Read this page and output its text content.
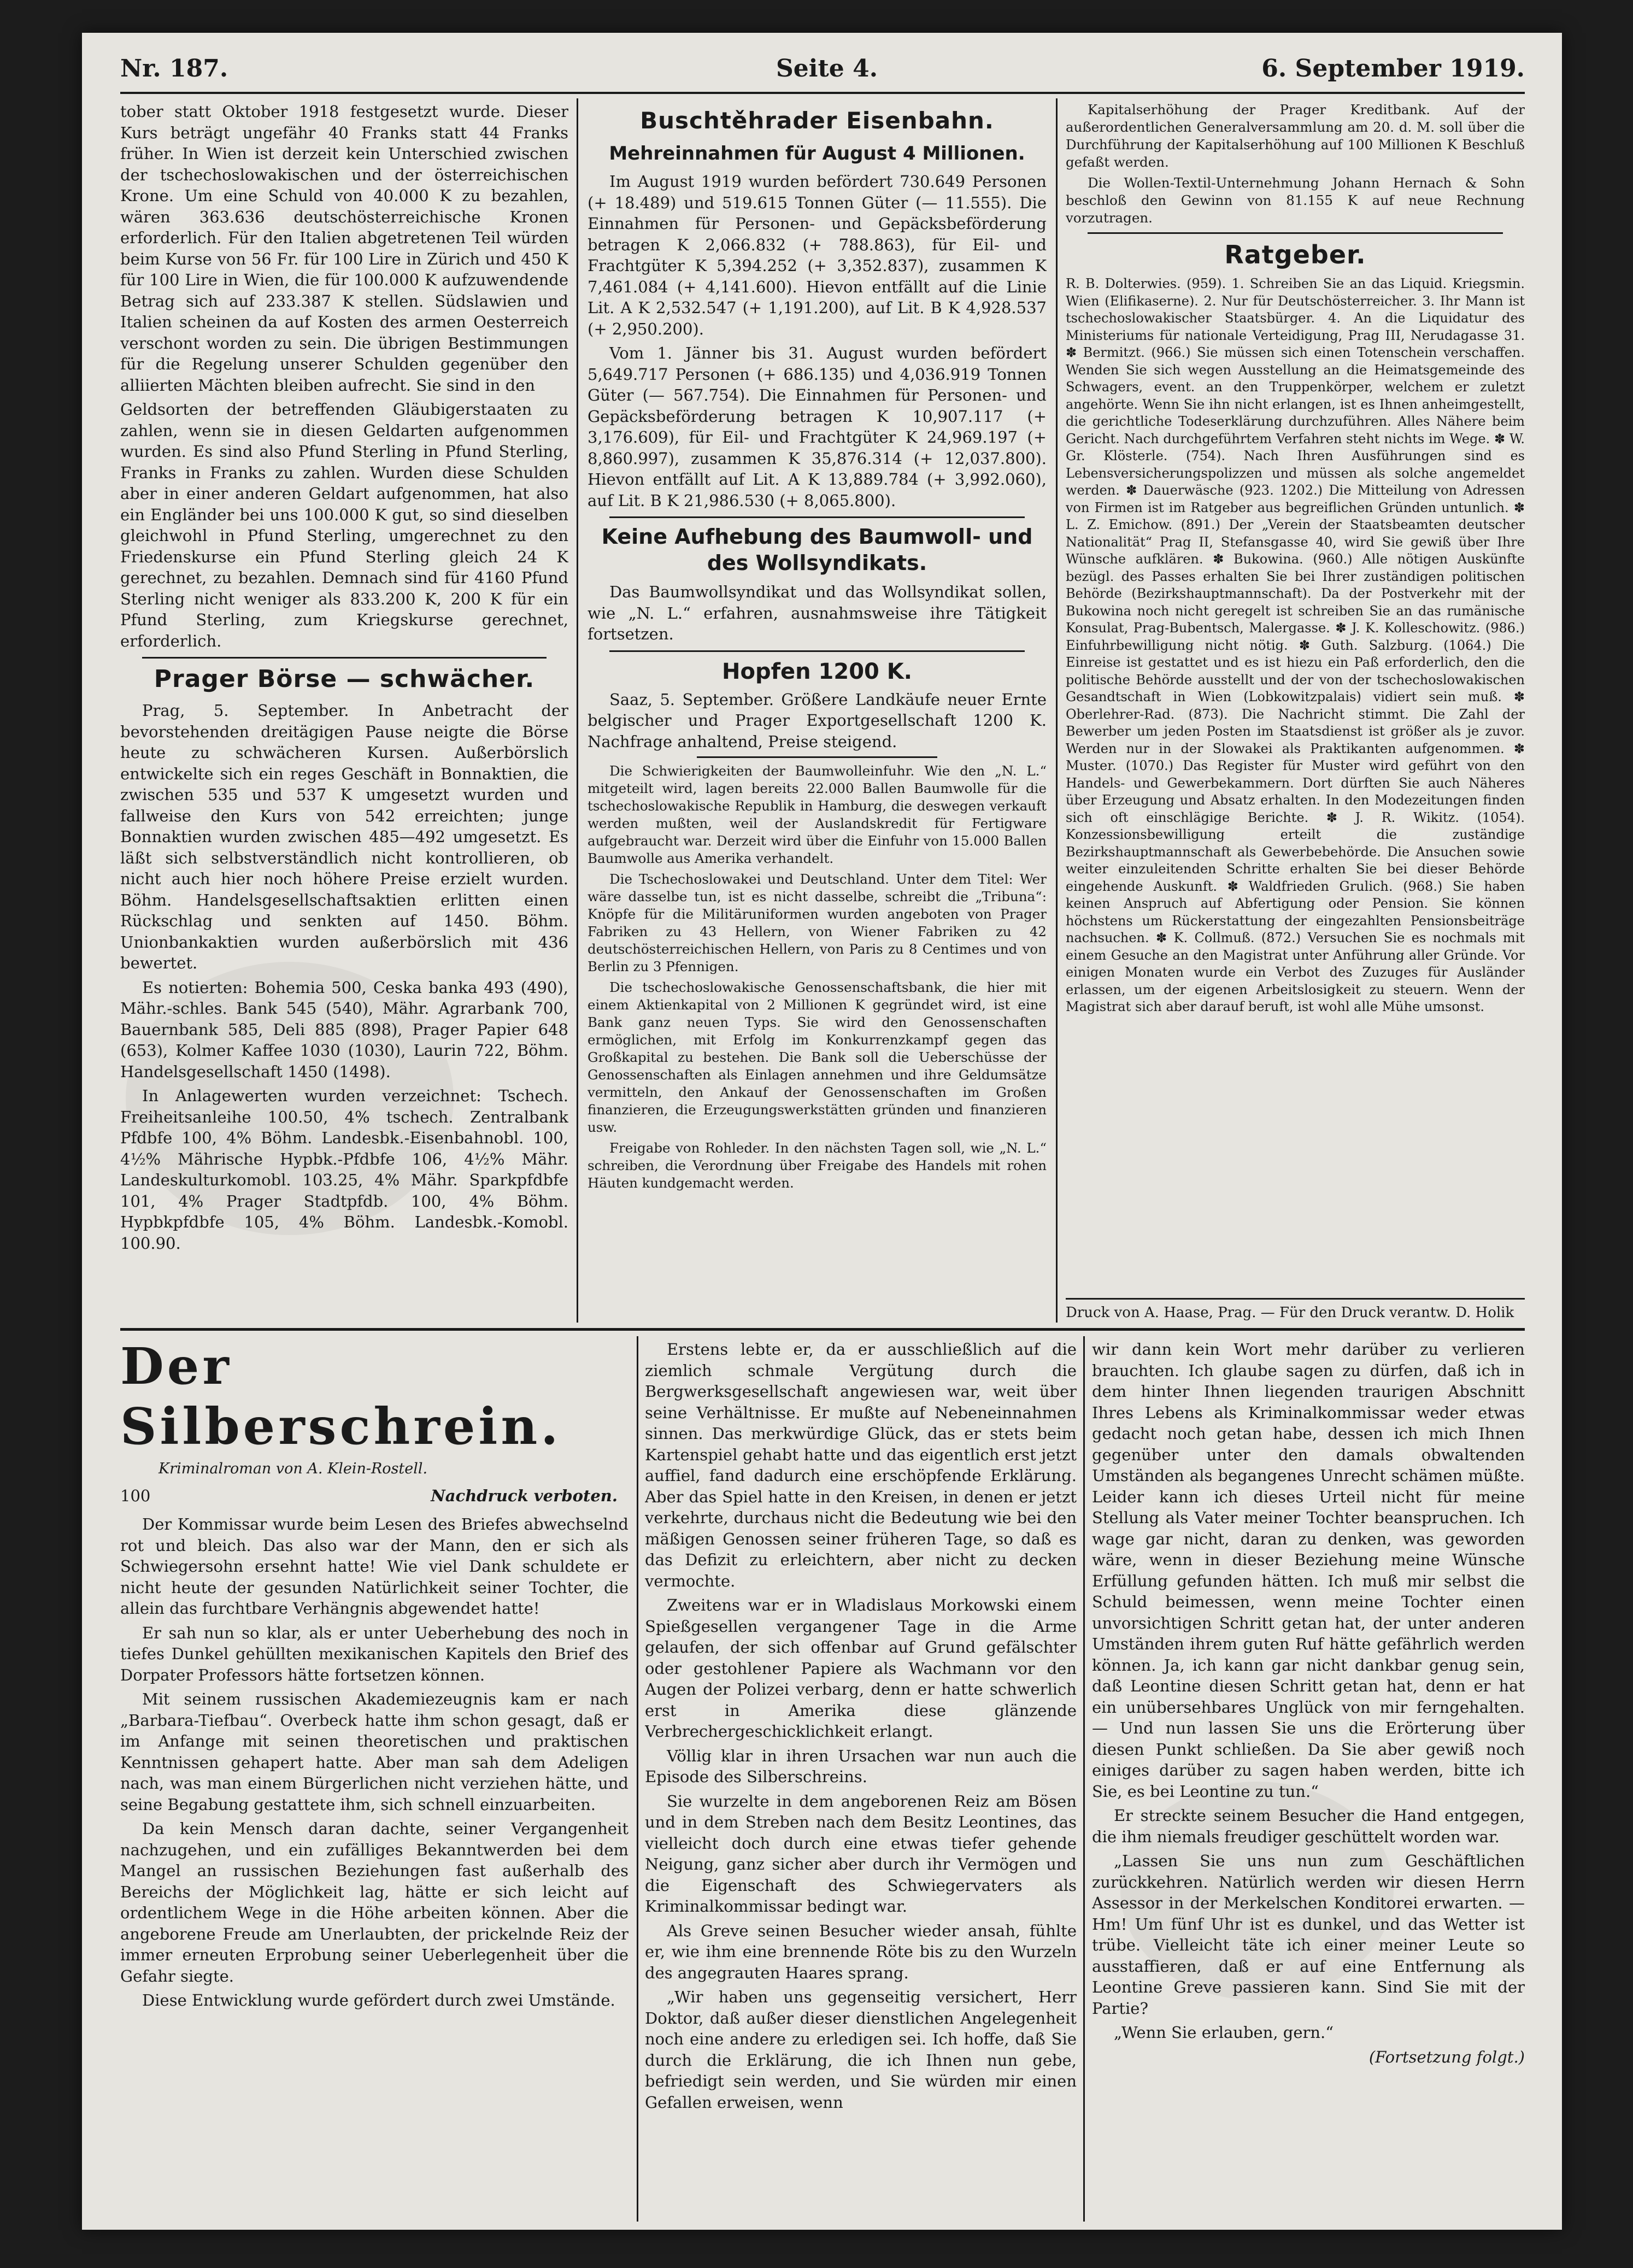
Nr. 187.	Seite 4.	6. September 1919.

tober statt Oktober 1918 festgesetzt wurde. Dieser Kurs beträgt ungefähr 40 Franks statt 44 Franks früher. In Wien ist derzeit kein Unterschied zwischen der tschechoslowakischen und der österreichischen Krone. Um eine Schuld von 40.000 K zu bezahlen, wären 363.636 deutschösterreichische Kronen erforderlich. Für den Italien abgetretenen Teil würden beim Kurse von 56 Fr. für 100 Lire in Zürich und 450 K für 100 Lire in Wien, die für 100.000 K aufzuwendende Betrag sich auf 233.387 K stellen. Südslawien und Italien scheinen da auf Kosten des armen Oesterreich verschont worden zu sein. Die übrigen Bestimmungen für die Regelung unserer Schulden gegenüber den alliierten Mächten bleiben aufrecht. Sie sind in den

Geldsorten der betreffenden Gläubigerstaaten zu zahlen, wenn sie in diesen Geldarten aufgenommen wurden. Es sind also Pfund Sterling in Pfund Sterling, Franks in Franks zu zahlen. Wurden diese Schulden aber in einer anderen Geldart aufgenommen, hat also ein Engländer bei uns 100.000 K gut, so sind dieselben gleichwohl in Pfund Sterling, umgerechnet zu den Friedenskurse ein Pfund Sterling gleich 24 K gerechnet, zu bezahlen. Demnach sind für 4160 Pfund Sterling nicht weniger als 833.200 K, 200 K für ein Pfund Sterling, zum Kriegskurse gerechnet, erforderlich.

Prager Börse — schwächer.

Prag, 5. September. In Anbetracht der bevorstehenden dreitägigen Pause neigte die Börse heute zu schwächeren Kursen. Außerbörslich entwickelte sich ein reges Geschäft in Bonnaktien, die zwischen 535 und 537 K umgesetzt wurden und fallweise den Kurs von 542 erreichten; junge Bonnaktien wurden zwischen 485—492 umgesetzt. Es läßt sich selbstverständlich nicht kontrollieren, ob nicht auch hier noch höhere Preise erzielt wurden. Böhm. Handelsgesellschaftsaktien erlitten einen Rückschlag und senkten auf 1450. Böhm. Unionbankaktien wurden außerbörslich mit 436 bewertet.

Es notierten: Bohemia 500, Ceska banka 493 (490), Mähr.-schles. Bank 545 (540), Mähr. Agrarbank 700, Bauernbank 585, Deli 885 (898), Prager Papier 648 (653), Kolmer Kaffee 1030 (1030), Laurin 722, Böhm. Handelsgesellschaft 1450 (1498).

In Anlagewerten wurden verzeichnet: Tschech. Freiheitsanleihe 100.50, 4% tschech. Zentralbank Pfdbfe 100, 4% Böhm. Landesbk.-Eisenbahnobl. 100, 4½% Mährische Hypbk.-Pfdbfe 106, 4½% Mähr. Landeskulturkomobl. 103.25, 4% Mähr. Sparkpfdbfe 101, 4% Prager Stadtpfdb. 100, 4% Böhm. Hypbkpfdbfe 105, 4% Böhm. Landesbk.-Komobl. 100.90.

Buschtěhrader Eisenbahn.
Mehreinnahmen für August 4 Millionen.

Im August 1919 wurden befördert 730.649 Personen (+ 18.489) und 519.615 Tonnen Güter (— 11.555). Die Einnahmen für Personen- und Gepäcksbeförderung betragen K 2,066.832 (+ 788.863), für Eil- und Frachtgüter K 5,394.252 (+ 3,352.837), zusammen K 7,461.084 (+ 4,141.600). Hievon entfällt auf die Linie Lit. A K 2,532.547 (+ 1,191.200), auf Lit. B K 4,928.537 (+ 2,950.200).

Vom 1. Jänner bis 31. August wurden befördert 5,649.717 Personen (+ 686.135) und 4,036.919 Tonnen Güter (— 567.754). Die Einnahmen für Personen- und Gepäcksbeförderung betragen K 10,907.117 (+ 3,176.609), für Eil- und Frachtgüter K 24,969.197 (+ 8,860.997), zusammen K 35,876.314 (+ 12,037.800). Hievon entfällt auf Lit. A K 13,889.784 (+ 3,992.060), auf Lit. B K 21,986.530 (+ 8,065.800).

Keine Aufhebung des Baumwoll- und des Wollsyndikats.

Das Baumwollsyndikat und das Wollsyndikat sollen, wie „N. L.“ erfahren, ausnahmsweise ihre Tätigkeit fortsetzen.

Hopfen 1200 K.

Saaz, 5. September. Größere Landkäufe neuer Ernte belgischer und Prager Exportgesellschaft 1200 K. Nachfrage anhaltend, Preise steigend.

Die Schwierigkeiten der Baumwolleinfuhr. Wie den „N. L.“ mitgeteilt wird, lagen bereits 22.000 Ballen Baumwolle für die tschechoslowakische Republik in Hamburg, die deswegen verkauft werden mußten, weil der Auslandskredit für Fertigware aufgebraucht war. Derzeit wird über die Einfuhr von 15.000 Ballen Baumwolle aus Amerika verhandelt.

Die Tschechoslowakei und Deutschland. Unter dem Titel: Wer wäre dasselbe tun, ist es nicht dasselbe, schreibt die „Tribuna“: Knöpfe für die Militäruniformen wurden angeboten von Prager Fabriken zu 43 Hellern, von Wiener Fabriken zu 42 deutschösterreichischen Hellern, von Paris zu 8 Centimes und von Berlin zu 3 Pfennigen.

Die tschechoslowakische Genossenschaftsbank, die hier mit einem Aktienkapital von 2 Millionen K gegründet wird, ist eine Bank ganz neuen Typs. Sie wird den Genossenschaften ermöglichen, mit Erfolg im Konkurrenzkampf gegen das Großkapital zu bestehen. Die Bank soll die Ueberschüsse der Genossenschaften als Einlagen annehmen und ihre Geldumsätze vermitteln, den Ankauf der Genossenschaften im Großen finanzieren, die Erzeugungswerkstätten gründen und finanzieren usw.

Freigabe von Rohleder. In den nächsten Tagen soll, wie „N. L.“ schreiben, die Verordnung über Freigabe des Handels mit rohen Häuten kundgemacht werden.

Kapitalserhöhung der Prager Kreditbank. Auf der außerordentlichen Generalversammlung am 20. d. M. soll über die Durchführung der Kapitalserhöhung auf 100 Millionen K Beschluß gefaßt werden.

Die Wollen-Textil-Unternehmung Johann Hernach & Sohn beschloß den Gewinn von 81.155 K auf neue Rechnung vorzutragen.

Ratgeber.

R. B. Dolterwies. (959). 1. Schreiben Sie an das Liquid. Kriegsmin. Wien (Elifikaserne). 2. Nur für Deutschösterreicher. 3. Ihr Mann ist tschechoslowakischer Staatsbürger. 4. An die Liquidatur des Ministeriums für nationale Verteidigung, Prag III, Nerudagasse 31. ✽ Bermitzt. (966.) Sie müssen sich einen Totenschein verschaffen. Wenden Sie sich wegen Ausstellung an die Heimatsgemeinde des Schwagers, event. an den Truppenkörper, welchem er zuletzt angehörte. Wenn Sie ihn nicht erlangen, ist es Ihnen anheimgestellt, die gerichtliche Todeserklärung durchzuführen. Alles Nähere beim Gericht. Nach durchgeführtem Verfahren steht nichts im Wege. ✽ W. Gr. Klösterle. (754). Nach Ihren Ausführungen sind es Lebensversicherungspolizzen und müssen als solche angemeldet werden. ✽ Dauerwäsche (923. 1202.) Die Mitteilung von Adressen von Firmen ist im Ratgeber aus begreiflichen Gründen untunlich. ✽ L. Z. Emichow. (891.) Der „Verein der Staatsbeamten deutscher Nationalität“ Prag II, Stefansgasse 40, wird Sie gewiß über Ihre Wünsche aufklären. ✽ Bukowina. (960.) Alle nötigen Auskünfte bezügl. des Passes erhalten Sie bei Ihrer zuständigen politischen Behörde (Bezirkshauptmannschaft). Da der Postverkehr mit der Bukowina noch nicht geregelt ist schreiben Sie an das rumänische Konsulat, Prag-Bubentsch, Malergasse. ✽ J. K. Kolleschowitz. (986.) Einfuhrbewilligung nicht nötig. ✽ Guth. Salzburg. (1064.) Die Einreise ist gestattet und es ist hiezu ein Paß erforderlich, den die politische Behörde ausstellt und der von der tschechoslowakischen Gesandtschaft in Wien (Lobkowitzpalais) vidiert sein muß. ✽ Oberlehrer-Rad. (873). Die Nachricht stimmt. Die Zahl der Bewerber um jeden Posten im Staatsdienst ist größer als je zuvor. Werden nur in der Slowakei als Praktikanten aufgenommen. ✽ Muster. (1070.) Das Register für Muster wird geführt von den Handels- und Gewerbekammern. Dort dürften Sie auch Näheres über Erzeugung und Absatz erhalten. In den Modezeitungen finden sich oft einschlägige Berichte. ✽ J. R. Wikitz. (1054). Konzessionsbewilligung erteilt die zuständige Bezirkshauptmannschaft als Gewerbebehörde. Die Ansuchen sowie weiter einzuleitenden Schritte erhalten Sie bei dieser Behörde eingehende Auskunft. ✽ Waldfrieden Grulich. (968.) Sie haben keinen Anspruch auf Abfertigung oder Pension. Sie können höchstens um Rückerstattung der eingezahlten Pensionsbeiträge nachsuchen. ✽ K. Collmuß. (872.) Versuchen Sie es nochmals mit einem Gesuche an den Magistrat unter Anführung aller Gründe. Vor einigen Monaten wurde ein Verbot des Zuzuges für Ausländer erlassen, um der eigenen Arbeitslosigkeit zu steuern. Wenn der Magistrat sich aber darauf beruft, ist wohl alle Mühe umsonst.

Druck von A. Haase, Prag. — Für den Druck verantw. D. Holik
Der Silberschrein.
Kriminalroman von A. Klein-Rostell.
100	Nachdruck verboten.

Der Kommissar wurde beim Lesen des Briefes abwechselnd rot und bleich. Das also war der Mann, den er sich als Schwiegersohn ersehnt hatte! Wie viel Dank schuldete er nicht heute der gesunden Natürlichkeit seiner Tochter, die allein das furchtbare Verhängnis abgewendet hatte!

Er sah nun so klar, als er unter Ueberhebung des noch in tiefes Dunkel gehüllten mexikanischen Kapitels den Brief des Dorpater Professors hätte fortsetzen können.

Mit seinem russischen Akademiezeugnis kam er nach „Barbara-Tiefbau“. Overbeck hatte ihm schon gesagt, daß er im Anfange mit seinen theoretischen und praktischen Kenntnissen gehapert hatte. Aber man sah dem Adeligen nach, was man einem Bürgerlichen nicht verziehen hätte, und seine Begabung gestattete ihm, sich schnell einzuarbeiten.

Da kein Mensch daran dachte, seiner Vergangenheit nachzugehen, und ein zufälliges Bekanntwerden bei dem Mangel an russischen Beziehungen fast außerhalb des Bereichs der Möglichkeit lag, hätte er sich leicht auf ordentlichem Wege in die Höhe arbeiten können. Aber die angeborene Freude am Unerlaubten, der prickelnde Reiz der immer erneuten Erprobung seiner Ueberlegenheit über die Gefahr siegte.

Diese Entwicklung wurde gefördert durch zwei Umstände.

Erstens lebte er, da er ausschließlich auf die ziemlich schmale Vergütung durch die Bergwerksgesellschaft angewiesen war, weit über seine Verhältnisse. Er mußte auf Nebeneinnahmen sinnen. Das merkwürdige Glück, das er stets beim Kartenspiel gehabt hatte und das eigentlich erst jetzt auffiel, fand dadurch eine erschöpfende Erklärung. Aber das Spiel hatte in den Kreisen, in denen er jetzt verkehrte, durchaus nicht die Bedeutung wie bei den mäßigen Genossen seiner früheren Tage, so daß es das Defizit zu erleichtern, aber nicht zu decken vermochte.

Zweitens war er in Wladislaus Morkowski einem Spießgesellen vergangener Tage in die Arme gelaufen, der sich offenbar auf Grund gefälschter oder gestohlener Papiere als Wachmann vor den Augen der Polizei verbarg, denn er hatte schwerlich erst in Amerika diese glänzende Verbrechergeschicklichkeit erlangt.

Völlig klar in ihren Ursachen war nun auch die Episode des Silberschreins.

Sie wurzelte in dem angeborenen Reiz am Bösen und in dem Streben nach dem Besitz Leontines, das vielleicht doch durch eine etwas tiefer gehende Neigung, ganz sicher aber durch ihr Vermögen und die Eigenschaft des Schwiegervaters als Kriminalkommissar bedingt war.

Als Greve seinen Besucher wieder ansah, fühlte er, wie ihm eine brennende Röte bis zu den Wurzeln des angegrauten Haares sprang.

„Wir haben uns gegenseitig versichert, Herr Doktor, daß außer dieser dienstlichen Angelegenheit noch eine andere zu erledigen sei. Ich hoffe, daß Sie durch die Erklärung, die ich Ihnen nun gebe, befriedigt sein werden, und Sie würden mir einen Gefallen erweisen, wenn

wir dann kein Wort mehr darüber zu verlieren brauchten. Ich glaube sagen zu dürfen, daß ich in dem hinter Ihnen liegenden traurigen Abschnitt Ihres Lebens als Kriminalkommissar weder etwas gedacht noch getan habe, dessen ich mich Ihnen gegenüber unter den damals obwaltenden Umständen als begangenes Unrecht schämen müßte. Leider kann ich dieses Urteil nicht für meine Stellung als Vater meiner Tochter beanspruchen. Ich wage gar nicht, daran zu denken, was geworden wäre, wenn in dieser Beziehung meine Wünsche Erfüllung gefunden hätten. Ich muß mir selbst die Schuld beimessen, wenn meine Tochter einen unvorsichtigen Schritt getan hat, der unter anderen Umständen ihrem guten Ruf hätte gefährlich werden können. Ja, ich kann gar nicht dankbar genug sein, daß Leontine diesen Schritt getan hat, denn er hat ein unübersehbares Unglück von mir ferngehalten. — Und nun lassen Sie uns die Erörterung über diesen Punkt schließen. Da Sie aber gewiß noch einiges darüber zu sagen haben werden, bitte ich Sie, es bei Leontine zu tun.“

Er streckte seinem Besucher die Hand entgegen, die ihm niemals freudiger geschüttelt worden war.

„Lassen Sie uns nun zum Geschäftlichen zurückkehren. Natürlich werden wir diesen Herrn Assessor in der Merkelschen Konditorei erwarten. — Hm! Um fünf Uhr ist es dunkel, und das Wetter ist trübe. Vielleicht täte ich einer meiner Leute so ausstaffieren, daß er auf eine Entfernung als Leontine Greve passieren kann. Sind Sie mit der Partie?

„Wenn Sie erlauben, gern.“

(Fortsetzung folgt.)
